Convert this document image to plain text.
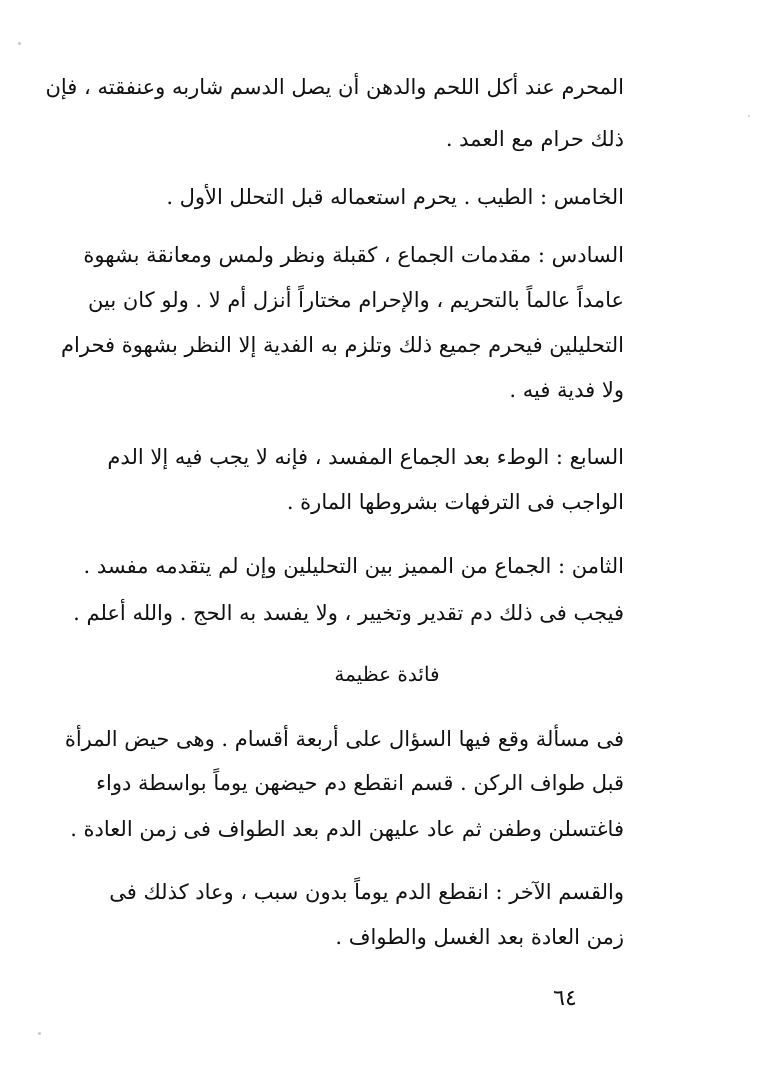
المحرم عند أكل اللحم والدهن أن يصل الدسم شاربه وعنفقته ، فإن
ذلك حرام مع العمد .
الخامس : الطيب . يحرم استعماله قبل التحلل الأول .
السادس : مقدمات الجماع ، كقبلة ونظر ولمس ومعانقة بشهوة
عامداً عالماً بالتحريم ، والإحرام مختاراً أنزل أم لا . ولو كان بين
التحليلين فيحرم جميع ذلك وتلزم به الفدية إلا النظر بشهوة فحرام
ولا فدية فيه .
السابع : الوطء بعد الجماع المفسد ، فإنه لا يجب فيه إلا الدم
الواجب فى الترفهات بشروطها المارة .
الثامن : الجماع من المميز بين التحليلين وإن لم يتقدمه مفسد .
فيجب فى ذلك دم تقدير وتخيير ، ولا يفسد به الحج . والله أعلم .
فائدة عظيمة
فى مسألة وقع فيها السؤال على أربعة أقسام . وهى حيض المرأة
قبل طواف الركن . قسم انقطع دم حيضهن يوماً بواسطة دواء
فاغتسلن وطفن ثم عاد عليهن الدم بعد الطواف فى زمن العادة .
والقسم الآخر : انقطع الدم يوماً بدون سبب ، وعاد كذلك فى
زمن العادة بعد الغسل والطواف .
٦٤
